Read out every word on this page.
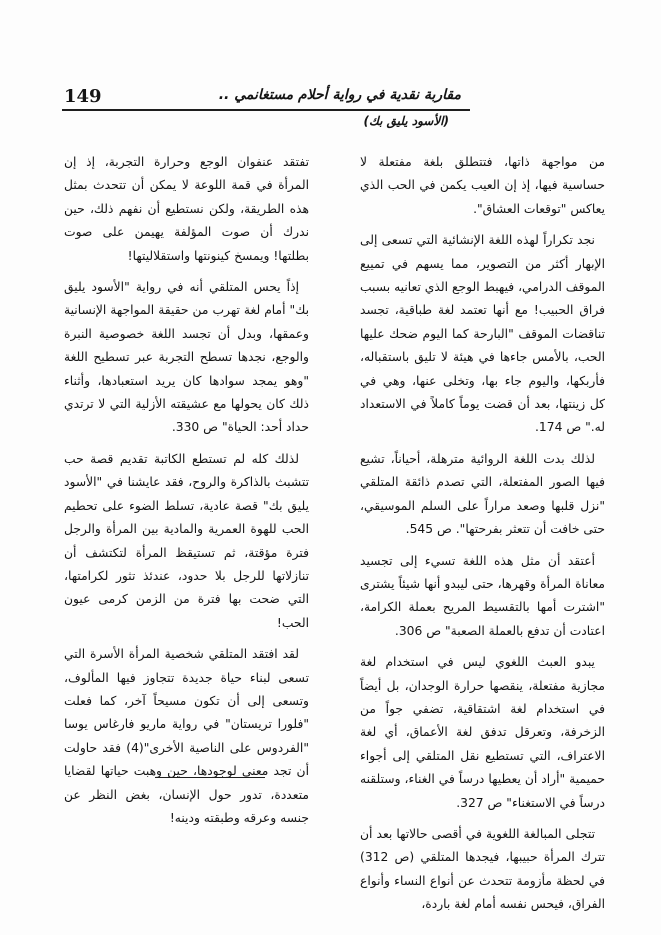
149	مقاربة نقدية في رواية أحلام مستغانمي ..
(الأسود يليق بك)

من مواجهة ذاتها، فتتطلق بلغة مفتعلة لا حساسية فيها، إذ إن العيب يكمن في الحب الذي يعاكس "توقعات العشاق".

نجد تكراراً لهذه اللغة الإنشائية التي تسعى إلى الإبهار أكثر من التصوير، مما يسهم في تمييع الموقف الدرامي، فيهبط الوجع الذي تعانيه بسبب فراق الحبيب! مع أنها تعتمد لغة طباقية، تجسد تناقضات الموقف "البارحة كما اليوم ضحك عليها الحب، بالأمس جاءها في هيئة لا تليق باستقباله، فأربكها، واليوم جاء بها، وتخلى عنها، وهي في كل زينتها، بعد أن قضت يوماً كاملاً في الاستعداد له." ص 174.

لذلك بدت اللغة الروائية مترهلة، أحياناً، تشيع فيها الصور المفتعلة، التي تصدم ذائقة المتلقي "نزل قلبها وصعد مراراً على السلم الموسيقي، حتى خافت أن تتعثر بفرحتها". ص 545.

أعتقد أن مثل هذه اللغة تسيء إلى تجسيد معاناة المرأة وقهرها، حتى ليبدو أنها شيئاً يشترى "اشترت أمها بالتقسيط المريح بعملة الكرامة، اعتادت أن تدفع بالعملة الصعبة" ص 306.

يبدو العبث اللغوي ليس في استخدام لغة مجازية مفتعلة، ينقصها حرارة الوجدان، بل أيضاً في استخدام لغة اشتقاقية، تضفي جواً من الزخرفة، وتعرقل تدفق لغة الأعماق، أي لغة الاعتراف، التي تستطيع نقل المتلقي إلى أجواء حميمية "أراد أن يعطيها درساً في الغناء، وستلقنه درساً في الاستغناء" ص 327.

تتجلى المبالغة اللغوية في أقصى حالاتها بعد أن تترك المرأة حبيبها، فيجدها المتلقي (ص 312) في لحظة مأزومة تتحدث عن أنواع النساء وأنواع الفراق، فيحس نفسه أمام لغة باردة،

تفتقد عنفوان الوجع وحرارة التجربة، إذ إن المرأة في قمة اللوعة لا يمكن أن تتحدث بمثل هذه الطريقة، ولكن نستطيع أن نفهم ذلك، حين ندرك أن صوت المؤلفة يهيمن على صوت بطلتها! ويمسخ كينونتها واستقلاليتها!

إذاً يحس المتلقي أنه في رواية "الأسود يليق بك" أمام لغة تهرب من حقيقة المواجهة الإنسانية وعمقها، وبدل أن تجسد اللغة خصوصية النبرة والوجع، نجدها تسطح التجربة عبر تسطيح اللغة "وهو يمجد سوادها كان يريد استعبادها، وأثناء ذلك كان يحولها مع عشيقته الأزلية التي لا ترتدي حداد أحد: الحياة" ص 330.

لذلك كله لم تستطع الكاتبة تقديم قصة حب تتشبث بالذاكرة والروح، فقد عايشنا في "الأسود يليق بك" قصة عادية، تسلط الضوء على تحطيم الحب للهوة العمرية والمادية بين المرأة والرجل فترة مؤقتة، ثم تستيقظ المرأة لتكتشف أن تنازلاتها للرجل بلا حدود، عندئذ تثور لكرامتها، التي ضحت بها فترة من الزمن كرمى عيون الحب!

لقد افتقد المتلقي شخصية المرأة الأسرة التي تسعى لبناء حياة جديدة تتجاوز فيها المألوف، وتسعى إلى أن تكون مسيحاً آخر، كما فعلت "فلورا تريستان" في رواية ماريو فارغاس يوسا "الفردوس على الناصية الأخرى"(4) فقد حاولت أن تجد معنى لوجودها، حين وهبت حياتها لقضايا متعددة، تدور حول الإنسان، بغض النظر عن جنسه وعرقه وطبقته ودينه!
